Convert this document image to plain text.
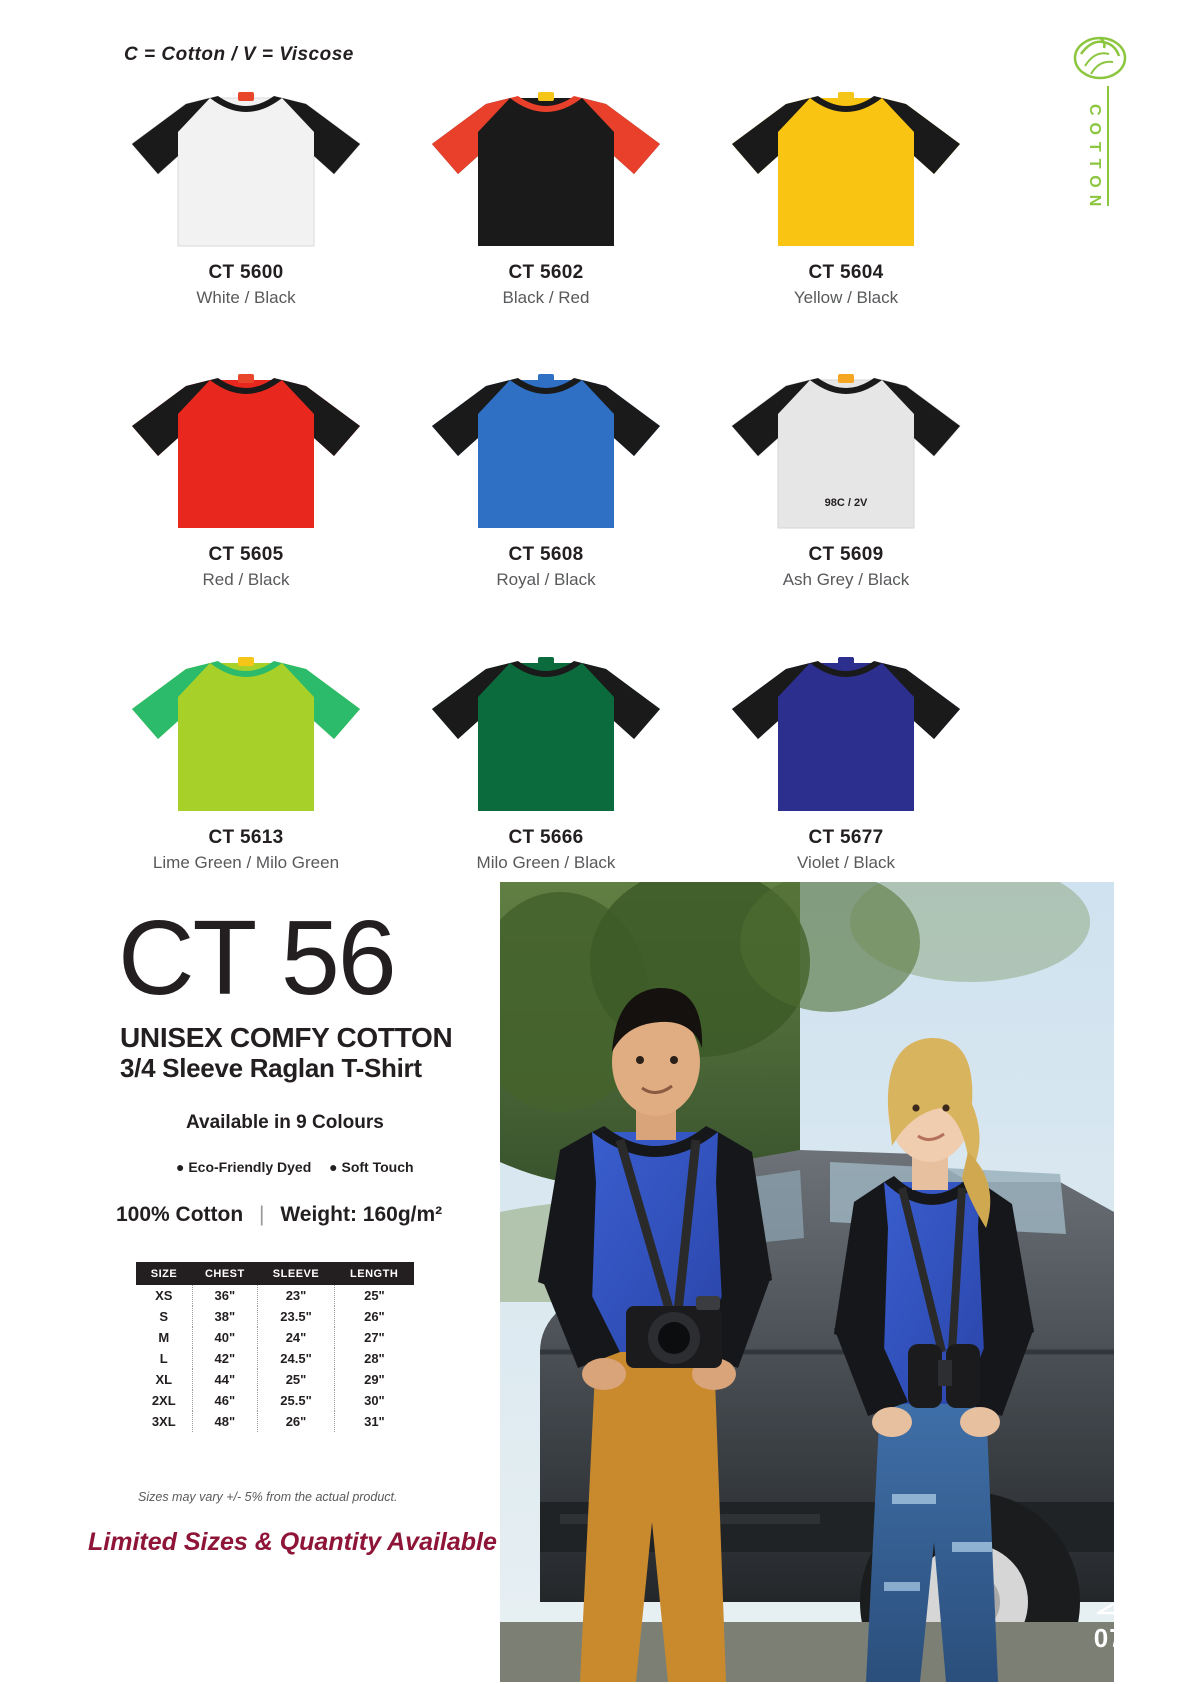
C = Cotton / V = Viscose
COTTON
CT 5600
White / Black
CT 5602
Black / Red
CT 5604
Yellow / Black
CT 5605
Red / Black
CT 5608
Royal / Black
98C / 2V
CT 5609
Ash Grey / Black
CT 5613
Lime Green / Milo Green
CT 5666
Milo Green / Black
CT 5677
Violet / Black
CT 56
UNISEX COMFY COTTON
3/4 Sleeve Raglan T-Shirt
Available in 9 Colours
● Eco-Friendly Dyed ● Soft Touch
100% Cotton | Weight: 160g/m²
SIZE	CHEST	SLEEVE	LENGTH
XS	36"	23"	25"
S	38"	23.5"	26"
M	40"	24"	27"
L	42"	24.5"	28"
XL	44"	25"	29"
2XL	46"	25.5"	30"
3XL	48"	26"	31"
Sizes may vary +/- 5% from the actual product.
Limited Sizes & Quantity Available
079
